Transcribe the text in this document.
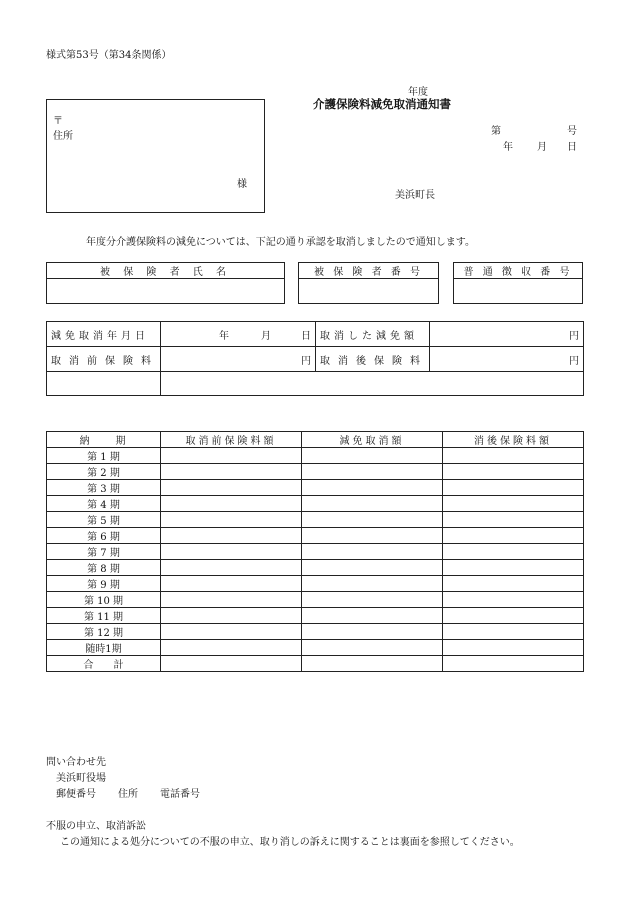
様式第53号（第34条関係）
年度
介護保険料減免取消通知書
〒
住所
様
第	号
年 月 日
美浜町長
年度分介護保険料の減免については、下記の通り承認を取消しましたので通知します。
被 保 険 者 氏 名	被 保 険 者 番 号	普 通 徴 収 番 号

減免取消年月日	年 月 日	取消した減免額	円
取消前保険料	円	取消後保険料	円

納　　期	取消前保険料額	減免取消額	消後保険料額
第 1 期			
第 2 期			
第 3 期			
第 4 期			
第 5 期			
第 6 期			
第 7 期			
第 8 期			
第 9 期			
第 10 期			
第 11 期			
第 12 期			
随時1期			
合　　計			
問い合わせ先
美浜町役場
郵便番号 住所 電話番号
不服の申立、取消訴訟
この通知による処分についての不服の申立、取り消しの訴えに関することは裏面を参照してください。
